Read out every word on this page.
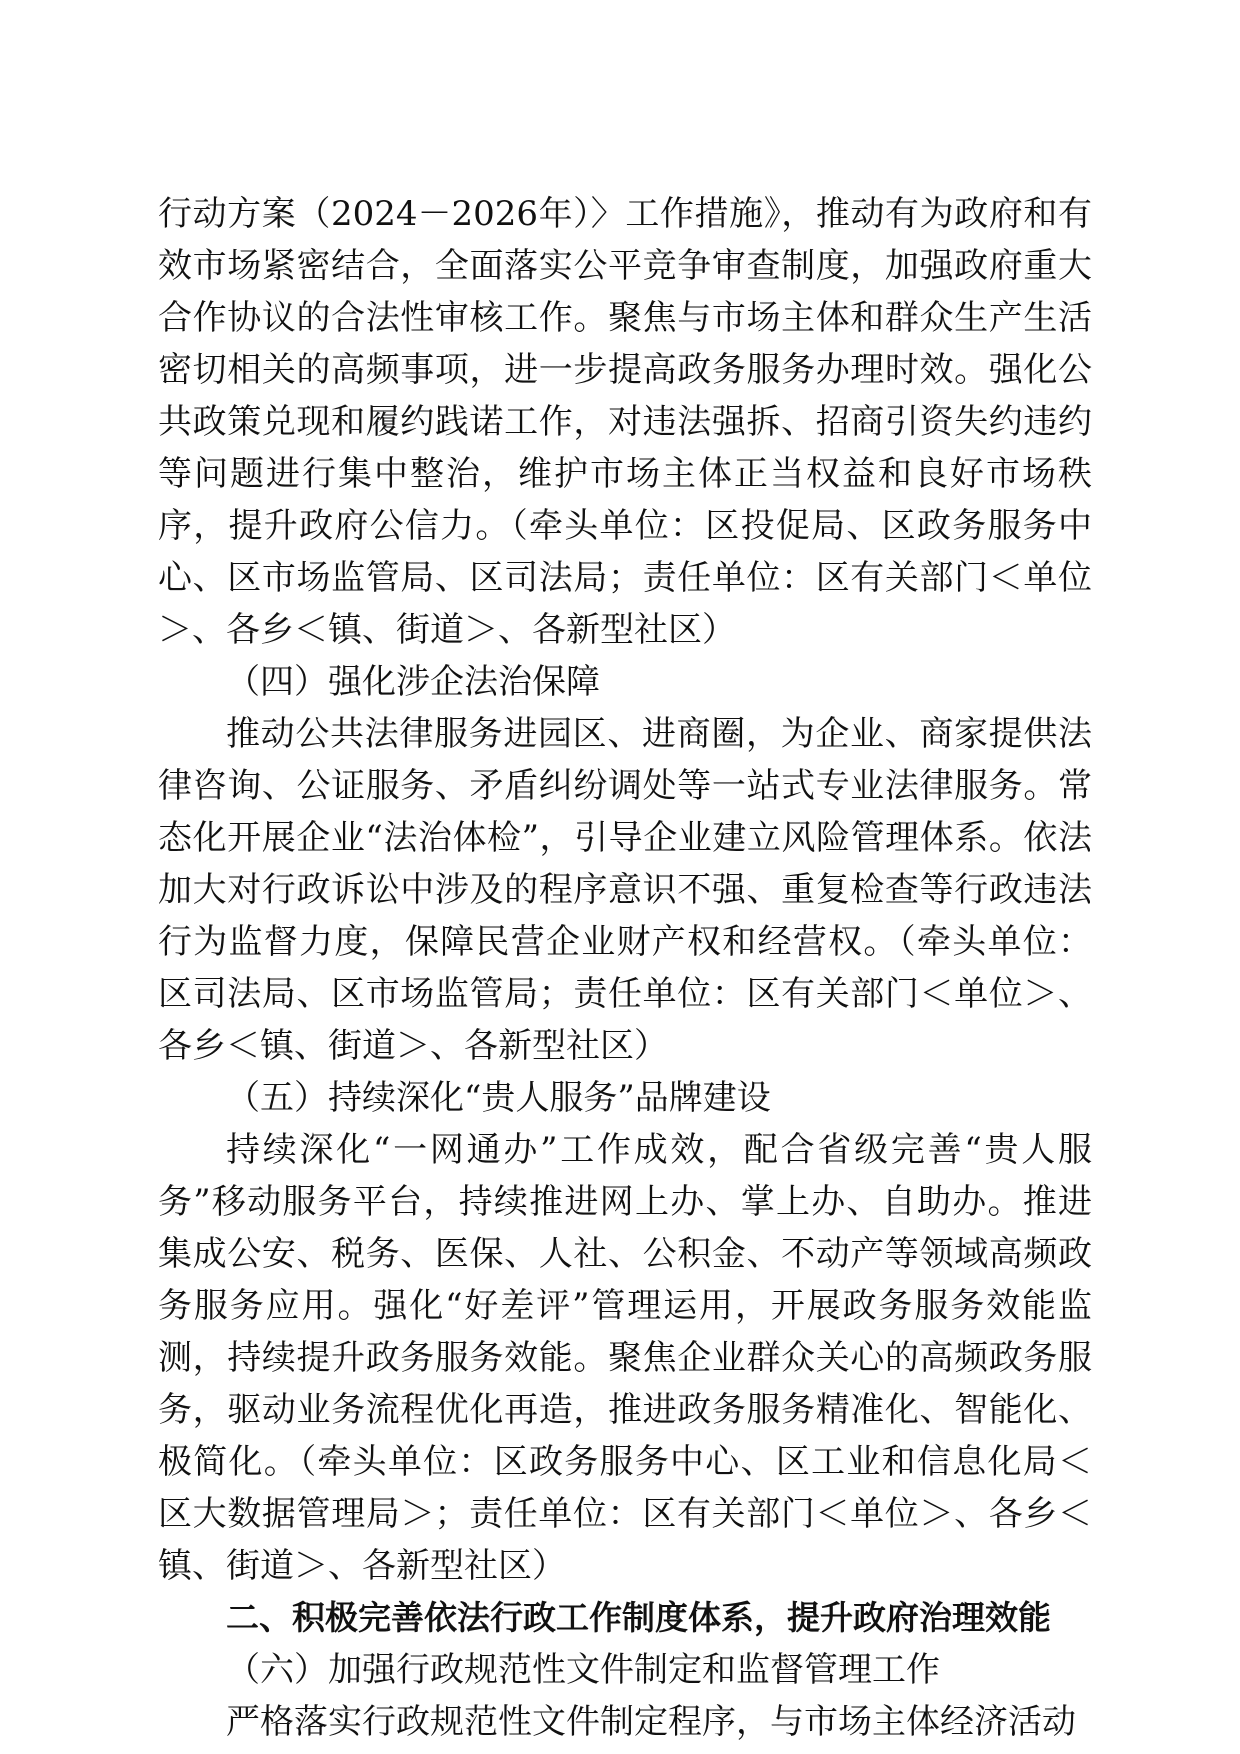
行动方案（2024－2026年）〉工作措施》，推动有为政府和有效市场紧密结合，全面落实公平竞争审查制度，加强政府重大合作协议的合法性审核工作。聚焦与市场主体和群众生产生活密切相关的高频事项，进一步提高政务服务办理时效。强化公共政策兑现和履约践诺工作，对违法强拆、招商引资失约违约等问题进行集中整治，维护市场主体正当权益和良好市场秩序，提升政府公信力。（牵头单位：区投促局、区政务服务中心、区市场监管局、区司法局；责任单位：区有关部门＜单位＞、各乡＜镇、街道＞、各新型社区）

（四）强化涉企法治保障

推动公共法律服务进园区、进商圈，为企业、商家提供法律咨询、公证服务、矛盾纠纷调处等一站式专业法律服务。常态化开展企业“法治体检”，引导企业建立风险管理体系。依法加大对行政诉讼中涉及的程序意识不强、重复检查等行政违法行为监督力度，保障民营企业财产权和经营权。（牵头单位：区司法局、区市场监管局；责任单位：区有关部门＜单位＞、各乡＜镇、街道＞、各新型社区）

（五）持续深化“贵人服务”品牌建设

持续深化“一网通办”工作成效，配合省级完善“贵人服务”移动服务平台，持续推进网上办、掌上办、自助办。推进集成公安、税务、医保、人社、公积金、不动产等领域高频政务服务应用。强化“好差评”管理运用，开展政务服务效能监测，持续提升政务服务效能。聚焦企业群众关心的高频政务服务，驱动业务流程优化再造，推进政务服务精准化、智能化、极简化。（牵头单位：区政务服务中心、区工业和信息化局＜区大数据管理局＞；责任单位：区有关部门＜单位＞、各乡＜镇、街道＞、各新型社区）

二、积极完善依法行政工作制度体系，提升政府治理效能

（六）加强行政规范性文件制定和监督管理工作

严格落实行政规范性文件制定程序，与市场主体经济活动
